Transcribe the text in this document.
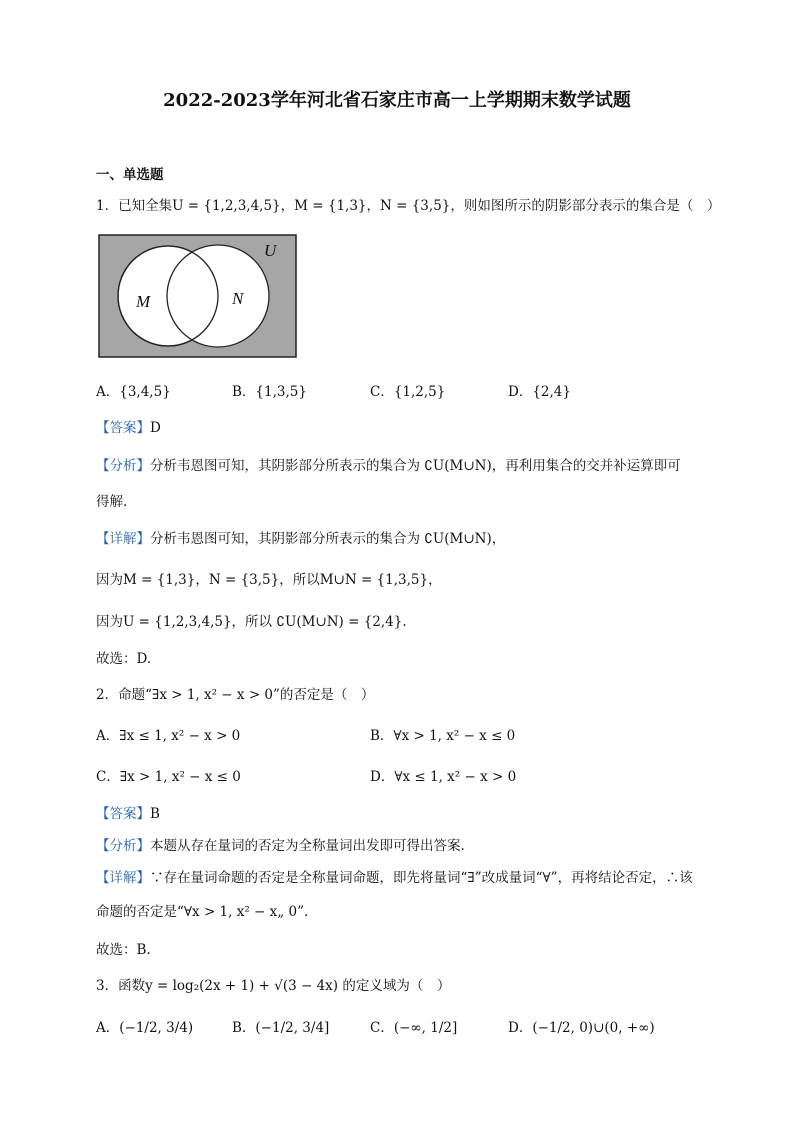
2022-2023学年河北省石家庄市高一上学期期末数学试题
一、单选题
1．已知全集U = {1,2,3,4,5}，M = {1,3}，N = {3,5}，则如图所示的阴影部分表示的集合是（　）
U
M	N
A．{3,4,5}	B．{1,3,5}	C．{1,2,5}	D．{2,4}
【答案】D
【分析】分析韦恩图可知，其阴影部分所表示的集合为 ∁U(M∪N)，再利用集合的交并补运算即可
得解.
【详解】分析韦恩图可知，其阴影部分所表示的集合为 ∁U(M∪N)，
因为M = {1,3}，N = {3,5}，所以M∪N = {1,3,5}，
因为U = {1,2,3,4,5}，所以 ∁U(M∪N) = {2,4}.
故选：D.
2．命题“∃x > 1, x² − x > 0”的否定是（　）
A．∃x ≤ 1, x² − x > 0	B．∀x > 1, x² − x ≤ 0
C．∃x > 1, x² − x ≤ 0	D．∀x ≤ 1, x² − x > 0
【答案】B
【分析】本题从存在量词的否定为全称量词出发即可得出答案.
【详解】∵存在量词命题的否定是全称量词命题，即先将量词“∃”改成量词“∀”，再将结论否定，∴该
命题的否定是“∀x > 1, x² − x„ 0”.
故选：B.
3．函数y = log₂(2x + 1) + √(3 − 4x) 的定义域为（　）
A．(−1/2, 3/4)	B．(−1/2, 3/4]	C．(−∞, 1/2]	D．(−1/2, 0)∪(0, +∞)
